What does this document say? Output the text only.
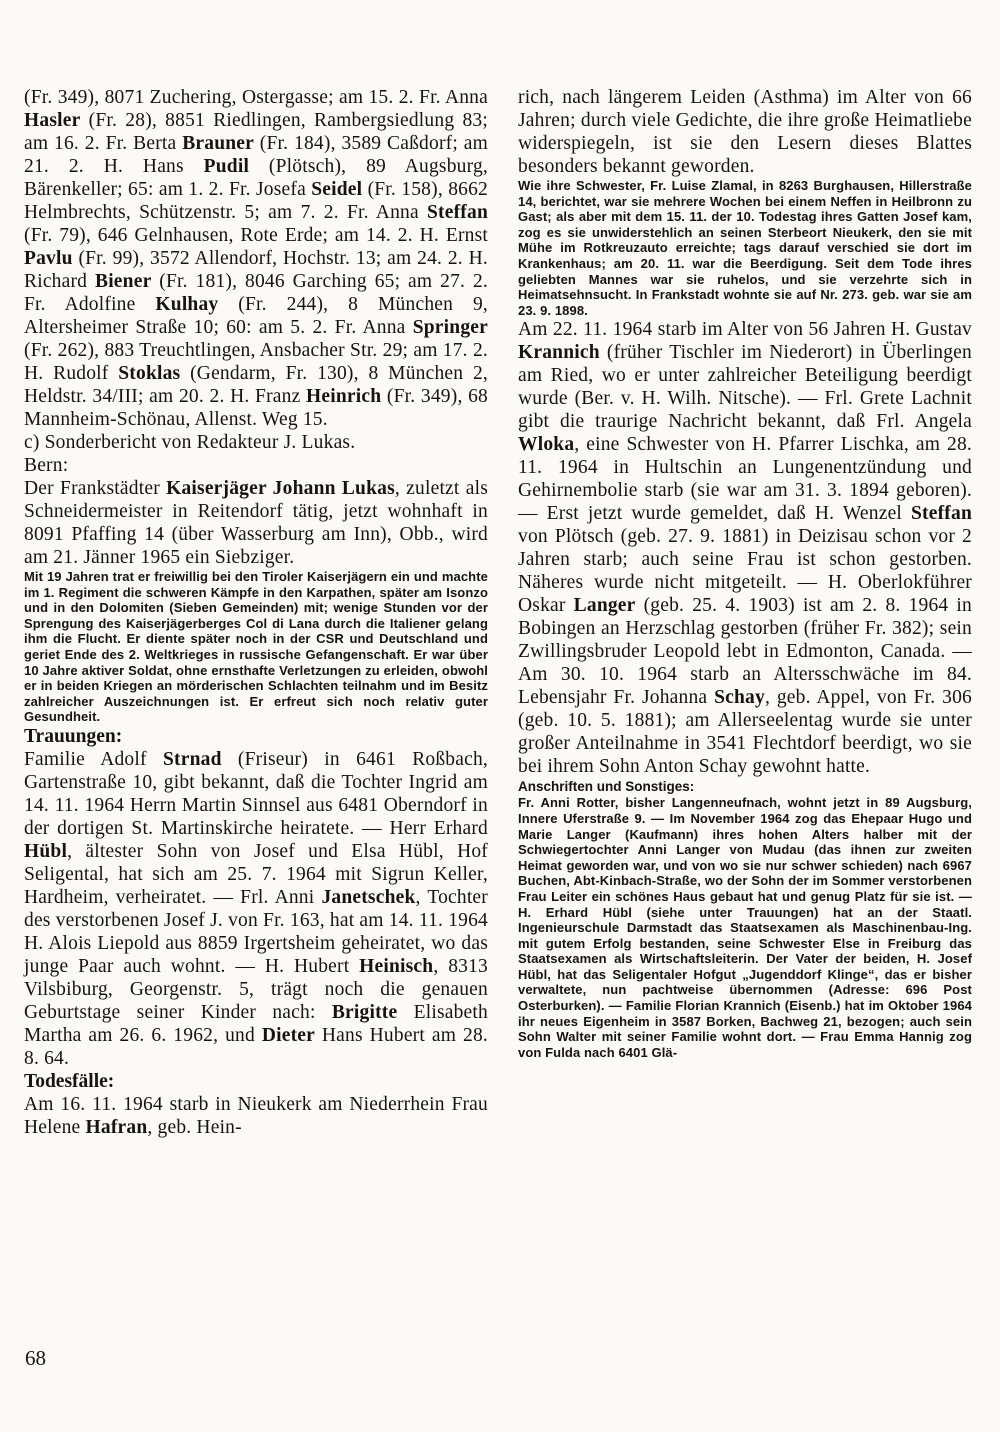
(Fr. 349), 8071 Zuchering, Ostergasse; am 15. 2. Fr. Anna Hasler (Fr. 28), 8851 Riedlingen, Rambergsiedlung 83; am 16. 2. Fr. Berta Brauner (Fr. 184), 3589 Caßdorf; am 21. 2. H. Hans Pudil (Plötsch), 89 Augsburg, Bärenkeller; 65: am 1. 2. Fr. Josefa Seidel (Fr. 158), 8662 Helmbrechts, Schützenstr. 5; am 7. 2. Fr. Anna Steffan (Fr. 79), 646 Gelnhausen, Rote Erde; am 14. 2. H. Ernst Pavlu (Fr. 99), 3572 Allendorf, Hochstr. 13; am 24. 2. H. Richard Biener (Fr. 181), 8046 Garching 65; am 27. 2. Fr. Adolfine Kulhay (Fr. 244), 8 München 9, Altersheimer Straße 10; 60: am 5. 2. Fr. Anna Springer (Fr. 262), 883 Treuchtlingen, Ansbacher Str. 29; am 17. 2. H. Rudolf Stoklas (Gendarm, Fr. 130), 8 München 2, Heldstr. 34/III; am 20. 2. H. Franz Heinrich (Fr. 349), 68 Mannheim-Schönau, Allenst. Weg 15.

c) Sonderbericht von Redakteur J. Lukas.

Bern:

Der Frankstädter Kaiserjäger Johann Lukas, zuletzt als Schneidermeister in Reitendorf tätig, jetzt wohnhaft in 8091 Pfaffing 14 (über Wasserburg am Inn), Obb., wird am 21. Jänner 1965 ein Siebziger.

Mit 19 Jahren trat er freiwillig bei den Tiroler Kaiserjägern ein und machte im 1. Regiment die schweren Kämpfe in den Karpathen, später am Isonzo und in den Dolomiten (Sieben Gemeinden) mit; wenige Stunden vor der Sprengung des Kaiserjägerberges Col di Lana durch die Italiener gelang ihm die Flucht. Er diente später noch in der CSR und Deutschland und geriet Ende des 2. Weltkrieges in russische Gefangenschaft. Er war über 10 Jahre aktiver Soldat, ohne ernsthafte Verletzungen zu erleiden, obwohl er in beiden Kriegen an mörderischen Schlachten teilnahm und im Besitz zahlreicher Auszeichnungen ist. Er erfreut sich noch relativ guter Gesundheit.

Trauungen:

Familie Adolf Strnad (Friseur) in 6461 Roßbach, Gartenstraße 10, gibt bekannt, daß die Tochter Ingrid am 14. 11. 1964 Herrn Martin Sinnsel aus 6481 Oberndorf in der dortigen St. Martinskirche heiratete. — Herr Erhard Hübl, ältester Sohn von Josef und Elsa Hübl, Hof Seligental, hat sich am 25. 7. 1964 mit Sigrun Keller, Hardheim, verheiratet. — Frl. Anni Janetschek, Tochter des verstorbenen Josef J. von Fr. 163, hat am 14. 11. 1964 H. Alois Liepold aus 8859 Irgertsheim geheiratet, wo das junge Paar auch wohnt. — H. Hubert Heinisch, 8313 Vilsbiburg, Georgenstr. 5, trägt noch die genauen Geburtstage seiner Kinder nach: Brigitte Elisabeth Martha am 26. 6. 1962, und Dieter Hans Hubert am 28. 8. 64.

Todesfälle:

Am 16. 11. 1964 starb in Nieukerk am Niederrhein Frau Helene Hafran, geb. Hein-

rich, nach längerem Leiden (Asthma) im Alter von 66 Jahren; durch viele Gedichte, die ihre große Heimatliebe widerspiegeln, ist sie den Lesern dieses Blattes besonders bekannt geworden.

Wie ihre Schwester, Fr. Luise Zlamal, in 8263 Burghausen, Hillerstraße 14, berichtet, war sie mehrere Wochen bei einem Neffen in Heilbronn zu Gast; als aber mit dem 15. 11. der 10. Todestag ihres Gatten Josef kam, zog es sie unwiderstehlich an seinen Sterbeort Nieukerk, den sie mit Mühe im Rotkreuzauto erreichte; tags darauf verschied sie dort im Krankenhaus; am 20. 11. war die Beerdigung. Seit dem Tode ihres geliebten Mannes war sie ruhelos, und sie verzehrte sich in Heimatsehnsucht. In Frankstadt wohnte sie auf Nr. 273. geb. war sie am 23. 9. 1898.

Am 22. 11. 1964 starb im Alter von 56 Jahren H. Gustav Krannich (früher Tischler im Niederort) in Überlingen am Ried, wo er unter zahlreicher Beteiligung beerdigt wurde (Ber. v. H. Wilh. Nitsche). — Frl. Grete Lachnit gibt die traurige Nachricht bekannt, daß Frl. Angela Wloka, eine Schwester von H. Pfarrer Lischka, am 28. 11. 1964 in Hultschin an Lungenentzündung und Gehirnembolie starb (sie war am 31. 3. 1894 geboren). — Erst jetzt wurde gemeldet, daß H. Wenzel Steffan von Plötsch (geb. 27. 9. 1881) in Deizisau schon vor 2 Jahren starb; auch seine Frau ist schon gestorben. Näheres wurde nicht mitgeteilt. — H. Oberlokführer Oskar Langer (geb. 25. 4. 1903) ist am 2. 8. 1964 in Bobingen an Herzschlag gestorben (früher Fr. 382); sein Zwillingsbruder Leopold lebt in Edmonton, Canada. — Am 30. 10. 1964 starb an Altersschwäche im 84. Lebensjahr Fr. Johanna Schay, geb. Appel, von Fr. 306 (geb. 10. 5. 1881); am Allerseelentag wurde sie unter großer Anteilnahme in 3541 Flechtdorf beerdigt, wo sie bei ihrem Sohn Anton Schay gewohnt hatte.

Anschriften und Sonstiges:

Fr. Anni Rotter, bisher Langenneufnach, wohnt jetzt in 89 Augsburg, Innere Uferstraße 9. — Im November 1964 zog das Ehepaar Hugo und Marie Langer (Kaufmann) ihres hohen Alters halber mit der Schwiegertochter Anni Langer von Mudau (das ihnen zur zweiten Heimat geworden war, und von wo sie nur schwer schieden) nach 6967 Buchen, Abt-Kinbach-Straße, wo der Sohn der im Sommer verstorbenen Frau Leiter ein schönes Haus gebaut hat und genug Platz für sie ist. — H. Erhard Hübl (siehe unter Trauungen) hat an der Staatl. Ingenieurschule Darmstadt das Staatsexamen als Maschinenbau-Ing. mit gutem Erfolg bestanden, seine Schwester Else in Freiburg das Staatsexamen als Wirtschaftsleiterin. Der Vater der beiden, H. Josef Hübl, hat das Seligentaler Hofgut „Jugenddorf Klinge“, das er bisher verwaltete, nun pachtweise übernommen (Adresse: 696 Post Osterburken). — Familie Florian Krannich (Eisenb.) hat im Oktober 1964 ihr neues Eigenheim in 3587 Borken, Bachweg 21, bezogen; auch sein Sohn Walter mit seiner Familie wohnt dort. — Frau Emma Hannig zog von Fulda nach 6401 Glä-

68
